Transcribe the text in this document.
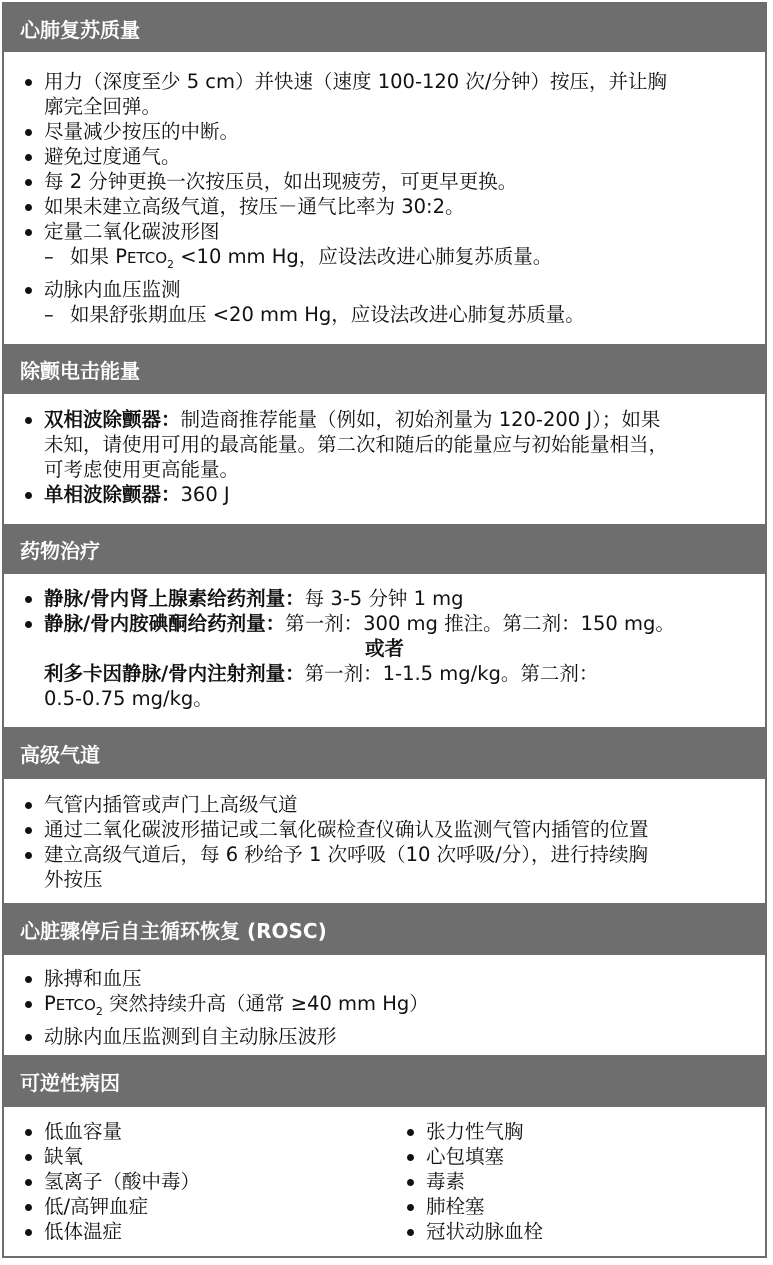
心肺复苏质量
用力（深度至少 5 cm）并快速（速度 100-120 次/分钟）按压，并让胸
廓完全回弹。
尽量减少按压的中断。
避免过度通气。
每 2 分钟更换一次按压员，如出现疲劳，可更早更换。
如果未建立高级气道，按压－通气比率为 30:2。
定量二氧化碳波形图
– 如果 $PETCO_2 <10$ mm Hg，应设法改进心肺复苏质量。
动脉内血压监测
– 如果舒张期血压 <20 mm Hg，应设法改进心肺复苏质量。
除颤电击能量
双相波除颤器：制造商推荐能量（例如，初始剂量为 120-200 J）；如果
未知，请使用可用的最高能量。第二次和随后的能量应与初始能量相当，
可考虑使用更高能量。
单相波除颤器：360 J
药物治疗
静脉/骨内肾上腺素给药剂量：每 3-5 分钟 1 mg
静脉/骨内胺碘酮给药剂量：第一剂：300 mg 推注。第二剂：150 mg。
或者
利多卡因静脉/骨内注射剂量：第一剂：1-1.5 mg/kg。第二剂：
0.5-0.75 mg/kg。
高级气道
气管内插管或声门上高级气道
通过二氧化碳波形描记或二氧化碳检查仪确认及监测气管内插管的位置
建立高级气道后，每 6 秒给予 1 次呼吸（10 次呼吸/分），进行持续胸
外按压
心脏骤停后自主循环恢复 (ROSC)
脉搏和血压
$PETCO_2$ 突然持续升高（通常 ≥40 mm Hg）
动脉内血压监测到自主动脉压波形
可逆性病因
低血容量
缺氧
氢离子（酸中毒）
低/高钾血症
低体温症
张力性气胸
心包填塞
毒素
肺栓塞
冠状动脉血栓
